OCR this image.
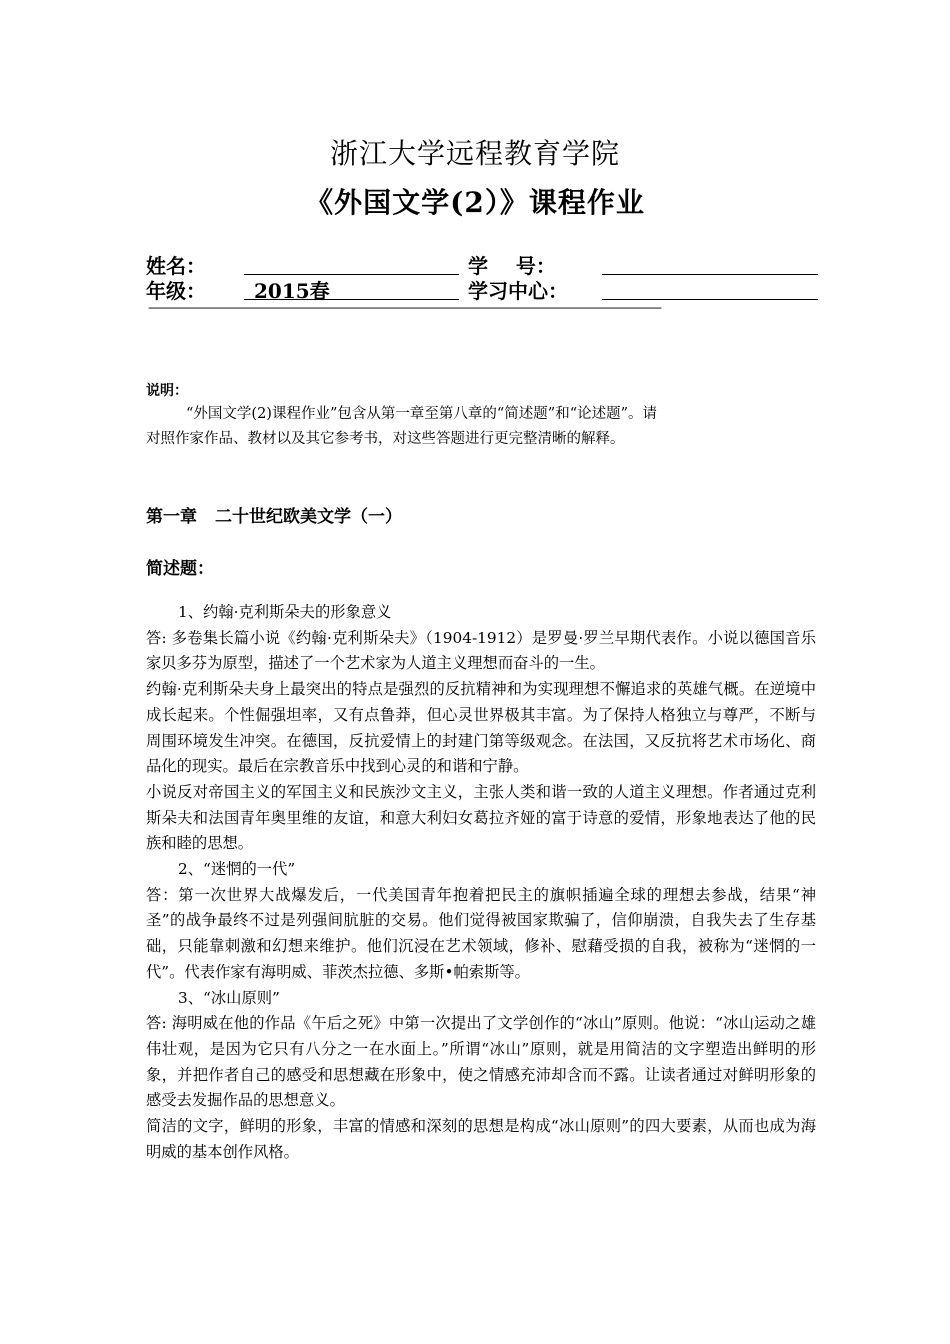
浙江大学远程教育学院
《外国文学(2）》课程作业
姓名：	学    号：
年级： 2015春	学习中心：
—————————————————————————————————————————
说明：

“外国文学(2)课程作业”包含从第一章至第八章的“简述题”和“论述题”。请

对照作家作品、教材以及其它参考书，对这些答题进行更完整清晰的解释。

第一章 二十世纪欧美文学（一）
简述题：

1、约翰·克利斯朵夫的形象意义

答: 多卷集长篇小说《约翰·克利斯朵夫》（1904-1912）是罗曼·罗兰早期代表作。小说以德国音乐家贝多芬为原型，描述了一个艺术家为人道主义理想而奋斗的一生。

约翰·克利斯朵夫身上最突出的特点是强烈的反抗精神和为实现理想不懈追求的英雄气概。在逆境中成长起来。个性倔强坦率，又有点鲁莽，但心灵世界极其丰富。为了保持人格独立与尊严，不断与周围环境发生冲突。在德国，反抗爱情上的封建门第等级观念。在法国，又反抗将艺术市场化、商品化的现实。最后在宗教音乐中找到心灵的和谐和宁静。

小说反对帝国主义的军国主义和民族沙文主义，主张人类和谐一致的人道主义理想。作者通过克利斯朵夫和法国青年奥里维的友谊，和意大利妇女葛拉齐娅的富于诗意的爱情，形象地表达了他的民族和睦的思想。

2、“迷惘的一代”

答：第一次世界大战爆发后，一代美国青年抱着把民主的旗帜插遍全球的理想去参战，结果“神圣”的战争最终不过是列强间肮脏的交易。他们觉得被国家欺骗了，信仰崩溃，自我失去了生存基础，只能靠刺激和幻想来维护。他们沉浸在艺术领域，修补、慰藉受损的自我，被称为“迷惘的一代”。代表作家有海明威、菲茨杰拉德、多斯•帕索斯等。

3、“冰山原则”

答: 海明威在他的作品《午后之死》中第一次提出了文学创作的“冰山”原则。他说：“冰山运动之雄伟壮观，是因为它只有八分之一在水面上。”所谓“冰山”原则，就是用简洁的文字塑造出鲜明的形象，并把作者自己的感受和思想藏在形象中，使之情感充沛却含而不露。让读者通过对鲜明形象的感受去发掘作品的思想意义。

简洁的文字，鲜明的形象，丰富的情感和深刻的思想是构成“冰山原则”的四大要素，从而也成为海明威的基本创作风格。
